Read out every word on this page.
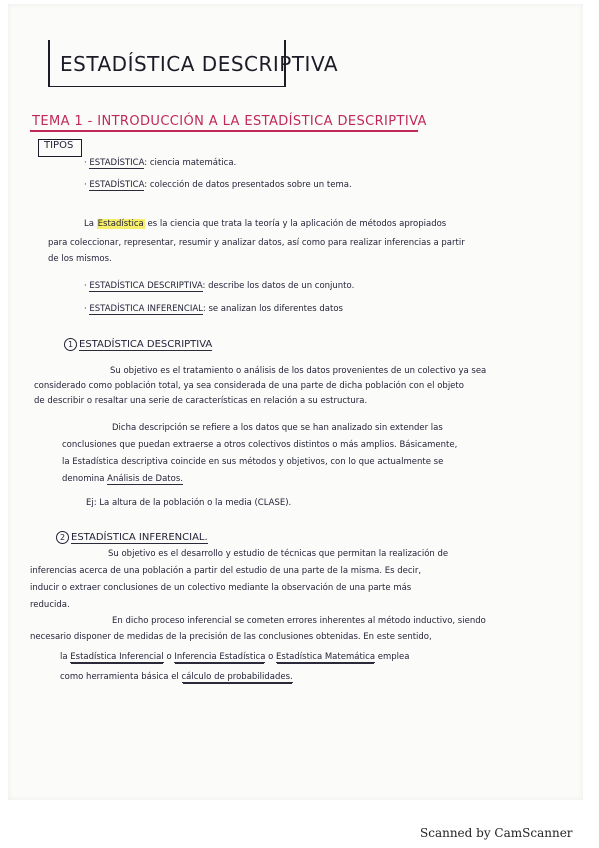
ESTADÍSTICA DESCRIPTIVA
TEMA 1 - INTRODUCCIÓN A LA ESTADÍSTICA DESCRIPTIVA
TIPOS
· ESTADÍSTICA: ciencia matemática.
· ESTADÍSTICA: colección de datos presentados sobre un tema.
La Estadística es la ciencia que trata la teoría y la aplicación de métodos apropiados
para coleccionar, representar, resumir y analizar datos, así como para realizar inferencias a partir
de los mismos.
· ESTADÍSTICA DESCRIPTIVA: describe los datos de un conjunto.
· ESTADÍSTICA INFERENCIAL: se analizan los diferentes datos
1 ESTADÍSTICA DESCRIPTIVA
Su objetivo es el tratamiento o análisis de los datos provenientes de un colectivo ya sea
considerado como población total, ya sea considerada de una parte de dicha población con el objeto
de describir o resaltar una serie de características en relación a su estructura.
Dicha descripción se refiere a los datos que se han analizado sin extender las
conclusiones que puedan extraerse a otros colectivos distintos o más amplios. Básicamente,
la Estadística descriptiva coincide en sus métodos y objetivos, con lo que actualmente se
denomina Análisis de Datos.
Ej: La altura de la población o la media (CLASE).
2 ESTADÍSTICA INFERENCIAL.
Su objetivo es el desarrollo y estudio de técnicas que permitan la realización de
inferencias acerca de una población a partir del estudio de una parte de la misma. Es decir,
inducir o extraer conclusiones de un colectivo mediante la observación de una parte más
reducida.
En dicho proceso inferencial se cometen errores inherentes al método inductivo, siendo
necesario disponer de medidas de la precisión de las conclusiones obtenidas. En este sentido,
la Estadística Inferencial o Inferencia Estadística o Estadística Matemática emplea
como herramienta básica el cálculo de probabilidades.
Scanned by CamScanner
